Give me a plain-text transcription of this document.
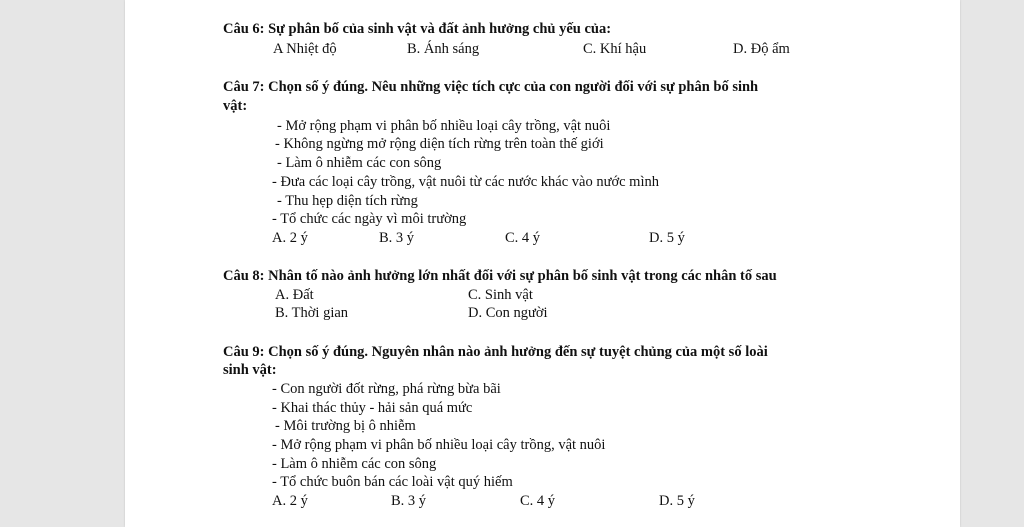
Câu 6: Sự phân bố của sinh vật và đất ảnh hưởng chủ yếu của:
A Nhiệt độ	B. Ánh sáng	C. Khí hậu	D. Độ ẩm
Câu 7: Chọn số ý đúng. Nêu những việc tích cực của con người đối với sự phân bố sinh
vật:
- Mở rộng phạm vi phân bố nhiều loại cây trồng, vật nuôi
- Không ngừng mở rộng diện tích rừng trên toàn thế giới
- Làm ô nhiễm các con sông
- Đưa các loại cây trồng, vật nuôi từ các nước khác vào nước mình
- Thu hẹp diện tích rừng
- Tổ chức các ngày vì môi trường
A. 2 ý	B. 3 ý	C. 4 ý	D. 5 ý
Câu 8: Nhân tố nào ảnh hưởng lớn nhất đối với sự phân bố sinh vật trong các nhân tố sau
A. Đất	C. Sinh vật
B. Thời gian	D. Con người
Câu 9: Chọn số ý đúng. Nguyên nhân nào ảnh hưởng đến sự tuyệt chủng của một số loài
sinh vật:
- Con người đốt rừng, phá rừng bừa bãi
- Khai thác thủy - hải sản quá mức
- Môi trường bị ô nhiễm
- Mở rộng phạm vi phân bố nhiều loại cây trồng, vật nuôi
- Làm ô nhiễm các con sông
- Tổ chức buôn bán các loài vật quý hiếm
A. 2 ý	B. 3 ý	C. 4 ý	D. 5 ý
